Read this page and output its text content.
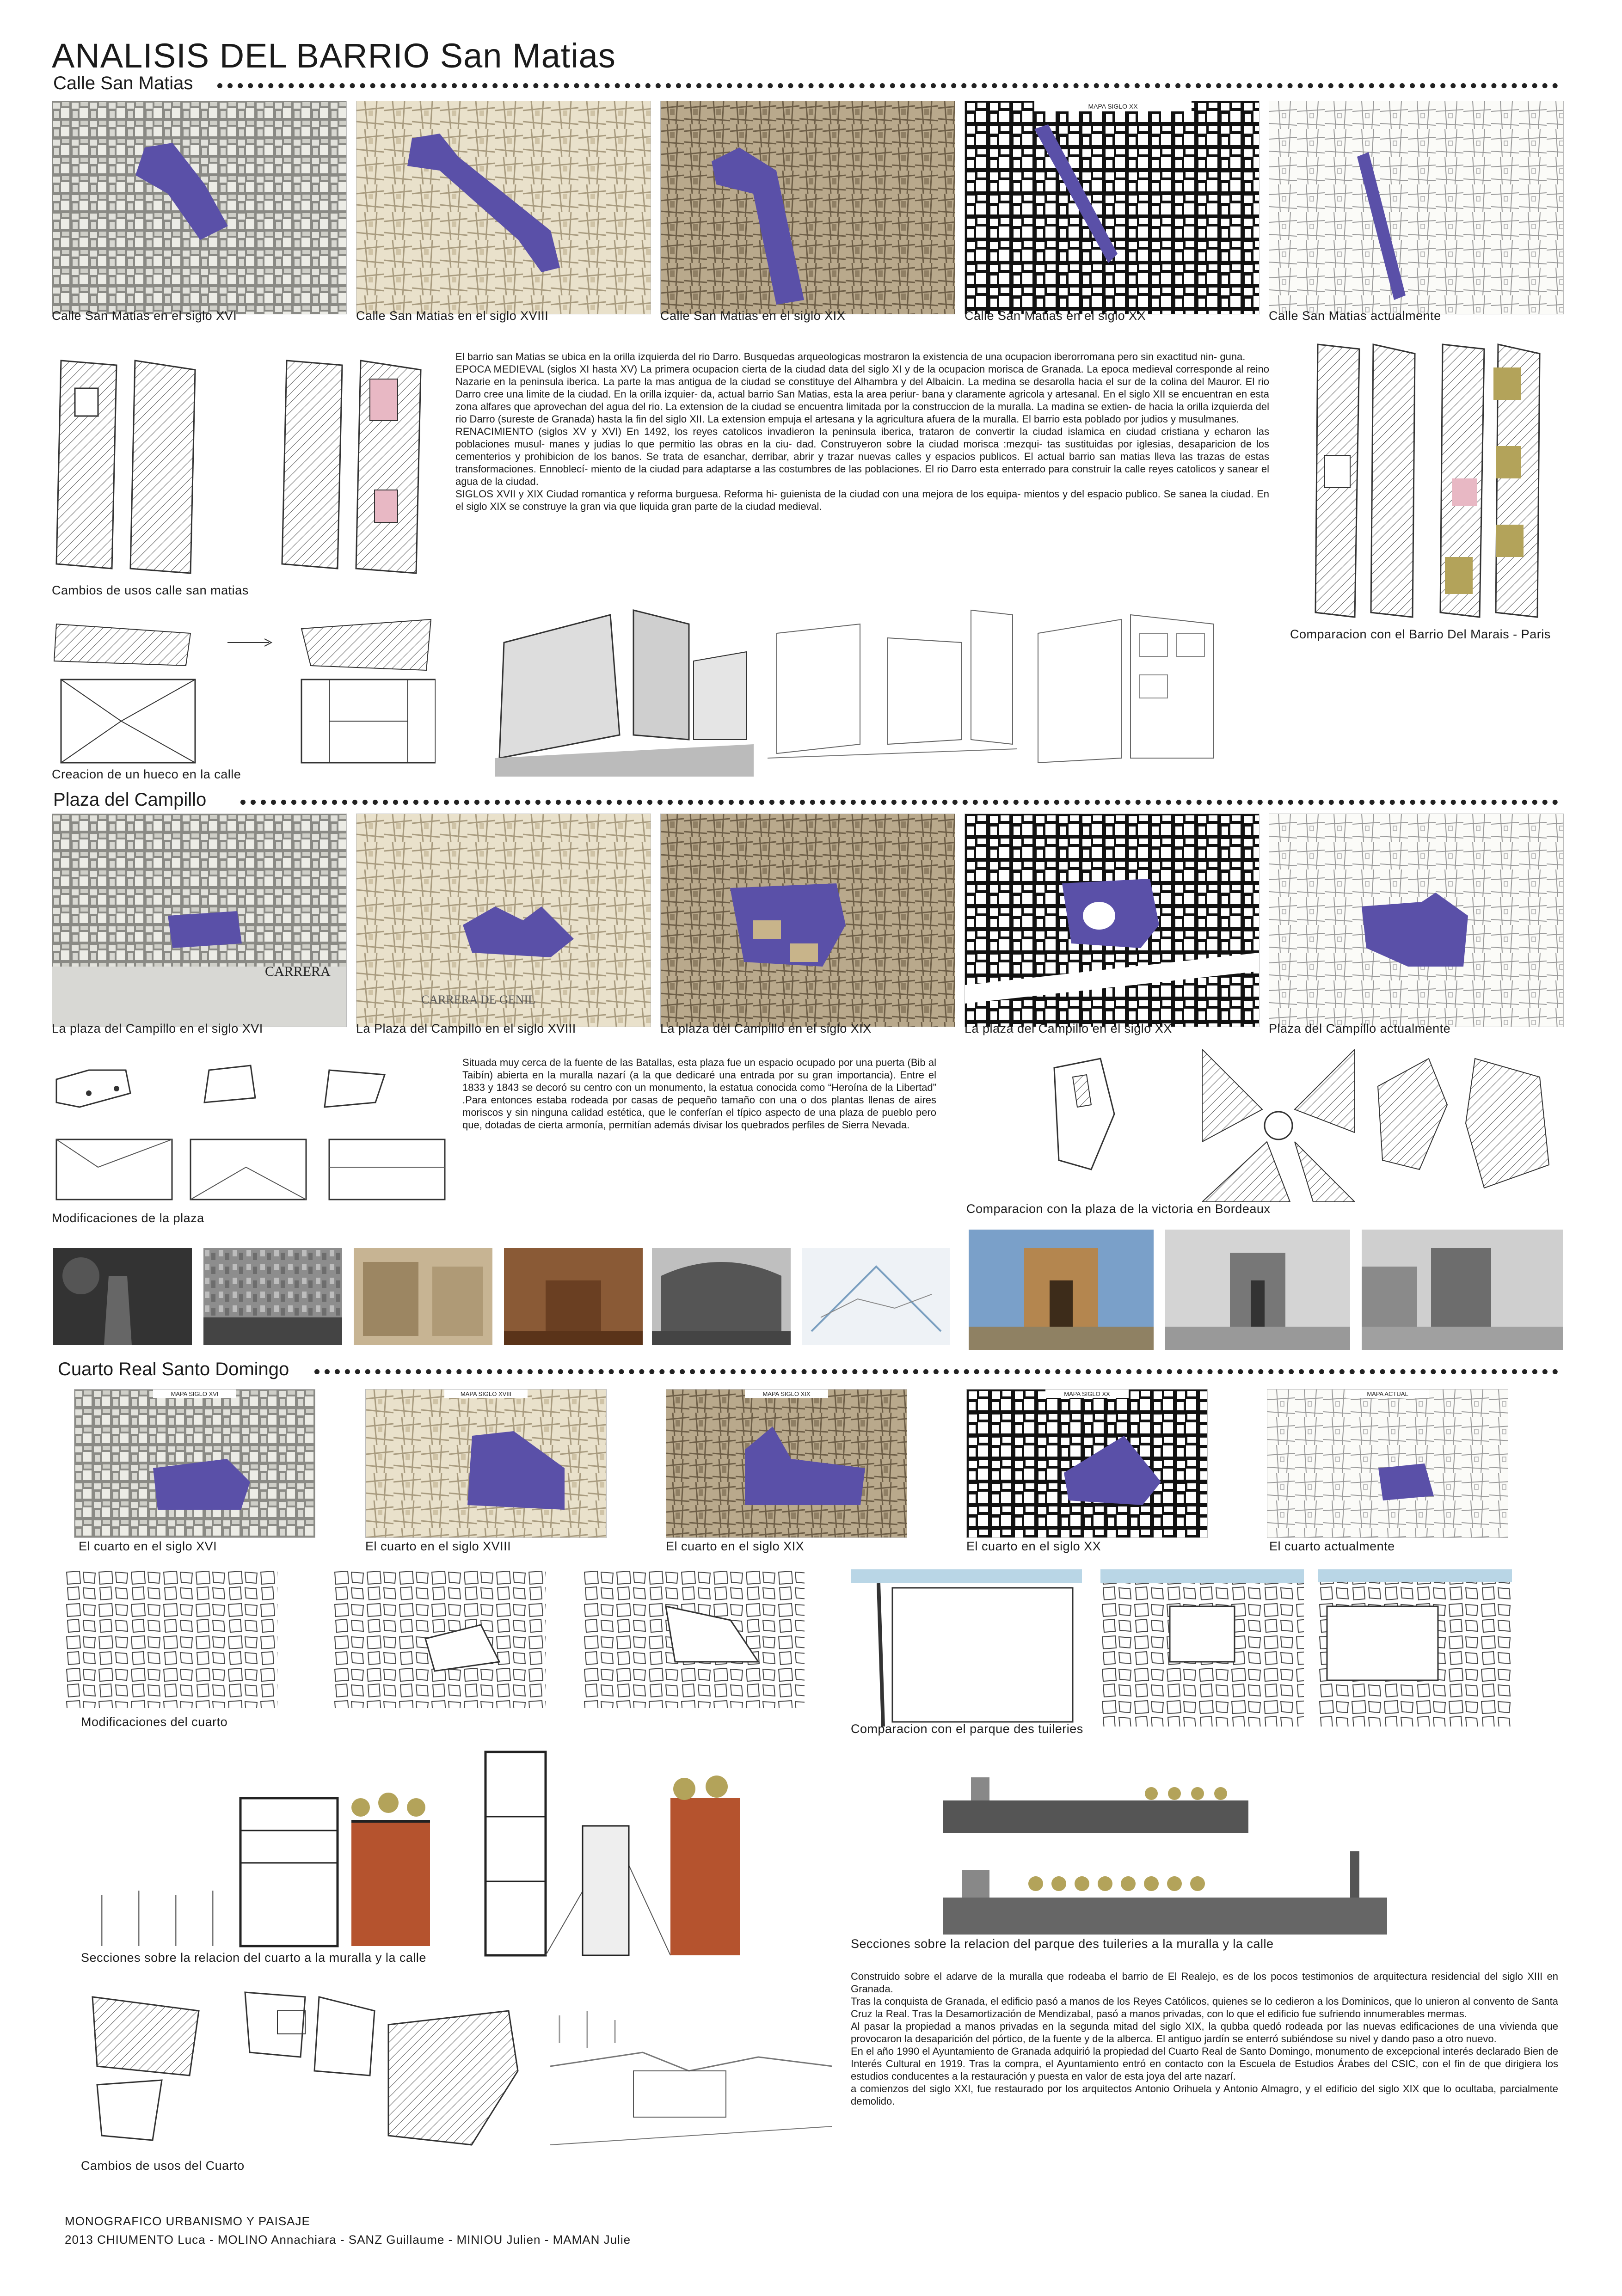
ANALISIS DEL BARRIO San Matias
Calle San Matias
MAPA SIGLO XX
Calle San Matias en el siglo XVI	Calle San Matias en el siglo XVIII	Calle San Matias en el siglo XIX	Calle San Matias en el siglo XX	Calle San Matias actualmente
Cambios de usos calle san matias

El barrio san Matias se ubica en la orilla izquierda del rio Darro. Busquedas arqueologicas mostraron la existencia de una ocupacion iberorromana pero sin exactitud nin- guna.

EPOCA MEDIEVAL (siglos XI hasta XV) La primera ocupacion cierta de la ciudad data del siglo XI y de la ocupacion morisca de Granada. La epoca medieval corresponde al reino Nazarie en la peninsula iberica. La parte la mas antigua de la ciudad se constituye del Alhambra y del Albaicin. La medina se desarolla hacia el sur de la colina del Mauror. El rio Darro cree una limite de la ciudad. En la orilla izquier- da, actual barrio San Matias, esta la area periur- bana y claramente agricola y artesanal. En el siglo XII se encuentran en esta zona alfares que aprovechan del agua del rio. La extension de la ciudad se encuentra limitada por la construccion de la muralla. La madina se extien- de hacia la orilla izquierda del rio Darro (sureste de Granada) hasta la fin del siglo XII. La extension empuja el artesana y la agricultura afuera de la muralla. El barrio esta poblado por judios y musulmanes.

RENACIMIENTO (siglos XV y XVI) En 1492, los reyes catolicos invadieron la peninsula iberica, trataron de convertir la ciudad islamica en ciudad cristiana y echaron las poblaciones musul- manes y judias lo que permitio las obras en la ciu- dad. Construyeron sobre la ciudad morisca :mezqui- tas sustituidas por iglesias, desaparicion de los cementerios y prohibicion de los banos. Se trata de esanchar, derribar, abrir y trazar nuevas calles y espacios publicos. El actual barrio san matias lleva las trazas de estas transformaciones. Ennoblecí- miento de la ciudad para adaptarse a las costumbres de las poblaciones. El rio Darro esta enterrado para construir la calle reyes catolicos y sanear el agua de la ciudad.

SIGLOS XVII y XIX Ciudad romantica y reforma burguesa. Reforma hi- guienista de la ciudad con una mejora de los equipa- mientos y del espacio publico. Se sanea la ciudad. En el siglo XIX se construye la gran via que liquida gran parte de la ciudad medieval.

Comparacion con el Barrio Del Marais - Paris
Creacion de un hueco en la calle
Plaza del Campillo
CARRERA
CARRERA DE GENIL
La plaza del Campillo en el siglo XVI	La Plaza del Campillo en el siglo XVIII	La plaza del Campillo en el siglo XIX	La plaza del Campillo en el siglo XX	Plaza del Campillo actualmente
Modificaciones de la plaza

Situada muy cerca de la fuente de las Batallas, esta plaza fue un espacio ocupado por una puerta (Bib al Taibín) abierta en la muralla nazarí (a la que dedicaré una entrada por su gran importancia). Entre el 1833 y 1843 se decoró su centro con un monumento, la estatua conocida como “Heroína de la Libertad” .Para entonces estaba rodeada por casas de pequeño tamaño con una o dos plantas llenas de aires moriscos y sin ninguna calidad estética, que le conferían el típico aspecto de una plaza de pueblo pero que, dotadas de cierta armonía, permitían además divisar los quebrados perfiles de Sierra Nevada.

Comparacion con la plaza de la victoria en Bordeaux
Cuarto Real Santo Domingo
MAPA SIGLO XVI	MAPA SIGLO XVIII	MAPA SIGLO XIX	MAPA SIGLO XX	MAPA ACTUAL
El cuarto en el siglo XVI	El cuarto en el siglo XVIII	El cuarto en el siglo XIX	El cuarto en el siglo XX	El cuarto actualmente
Modificaciones del cuarto	Comparacion con el parque des tuileries
Secciones sobre la relacion del cuarto a la muralla y la calle
Secciones sobre la relacion del parque des tuileries a la muralla y la calle
Cambios de usos del Cuarto

Construido sobre el adarve de la muralla que rodeaba el barrio de El Realejo, es de los pocos testimonios de arquitectura residencial del siglo XIII en Granada.

Tras la conquista de Granada, el edificio pasó a manos de los Reyes Católicos, quienes se lo cedieron a los Dominicos, que lo unieron al convento de Santa Cruz la Real. Tras la Desamortización de Mendizabal, pasó a manos privadas, con lo que el edificio fue sufriendo innumerables mermas.

Al pasar la propiedad a manos privadas en la segunda mitad del siglo XIX, la qubba quedó rodeada por las nuevas edificaciones de una vivienda que provocaron la desaparición del pórtico, de la fuente y de la alberca. El antiguo jardín se enterró subiéndose su nivel y dando paso a otro nuevo.

En el año 1990 el Ayuntamiento de Granada adquirió la propiedad del Cuarto Real de Santo Domingo, monumento de excepcional interés declarado Bien de Interés Cultural en 1919. Tras la compra, el Ayuntamiento entró en contacto con la Escuela de Estudios Árabes del CSIC, con el fin de que dirigiera los estudios conducentes a la restauración y puesta en valor de esta joya del arte nazarí.

a comienzos del siglo XXI, fue restaurado por los arquitectos Antonio Orihuela y Antonio Almagro, y el edificio del siglo XIX que lo ocultaba, parcialmente demolido.

MONOGRAFICO URBANISMO Y PAISAJE
2013 CHIUMENTO Luca - MOLINO Annachiara - SANZ Guillaume - MINIOU Julien - MAMAN Julie
